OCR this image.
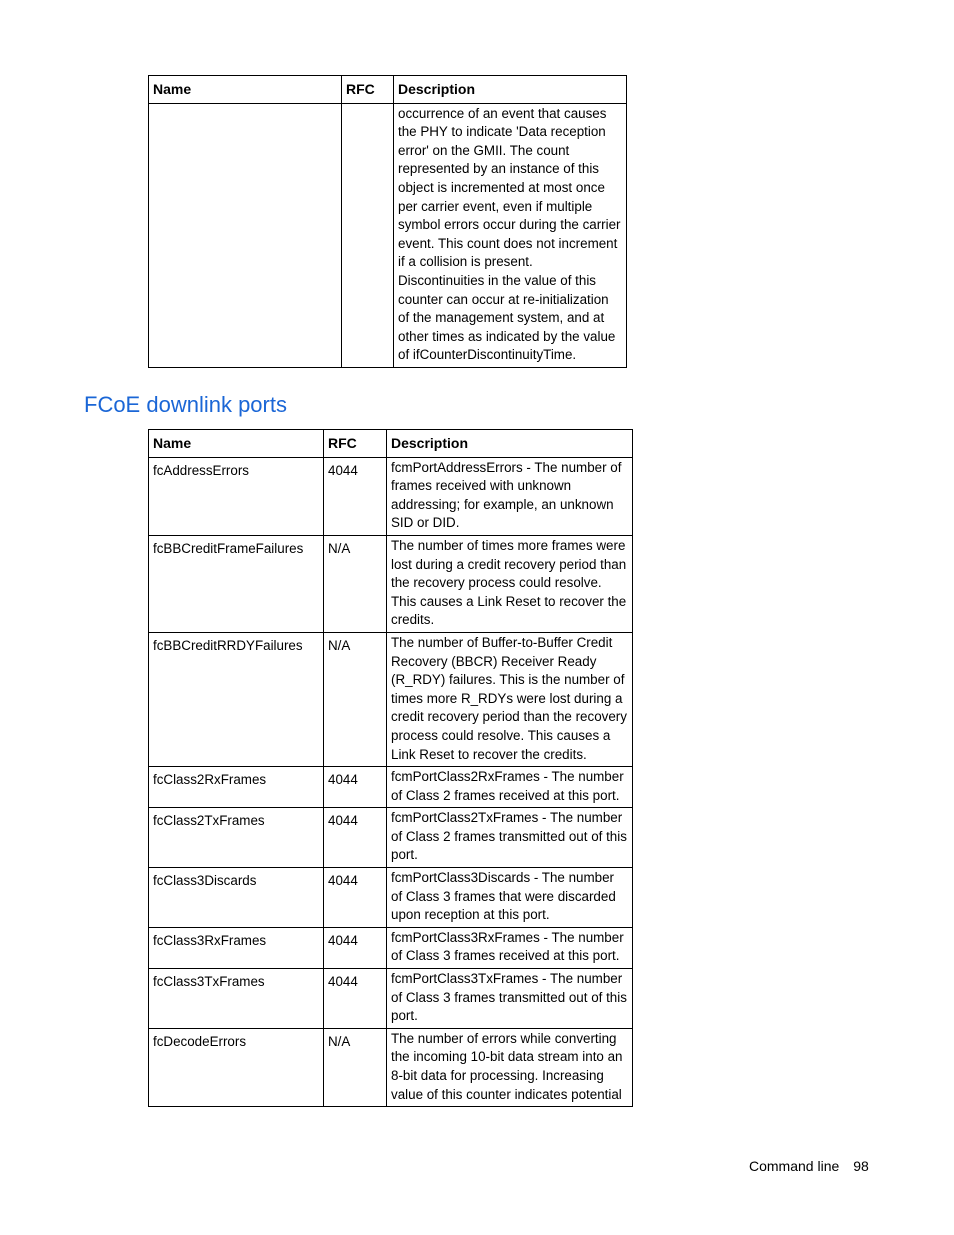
Name	RFC	Description
		occurrence of an event that causes the PHY to indicate 'Data reception error' on the GMII. The count represented by an instance of this object is incremented at most once per carrier event, even if multiple symbol errors occur during the carrier event. This count does not increment if a collision is present. Discontinuities in the value of this counter can occur at re-initialization of the management system, and at other times as indicated by the value of ifCounterDiscontinuityTime.
FCoE downlink ports
Name	RFC	Description
fcAddressErrors	4044	fcmPortAddressErrors - The number of frames received with unknown addressing; for example, an unknown SID or DID.
fcBBCreditFrameFailures	N/A	The number of times more frames were lost during a credit recovery period than the recovery process could resolve. This causes a Link Reset to recover the credits.
fcBBCreditRRDYFailures	N/A	The number of Buffer-to-Buffer Credit Recovery (BBCR) Receiver Ready (R_RDY) failures. This is the number of times more R_RDYs were lost during a credit recovery period than the recovery process could resolve. This causes a Link Reset to recover the credits.
fcClass2RxFrames	4044	fcmPortClass2RxFrames - The number of Class 2 frames received at this port.
fcClass2TxFrames	4044	fcmPortClass2TxFrames - The number of Class 2 frames transmitted out of this port.
fcClass3Discards	4044	fcmPortClass3Discards - The number of Class 3 frames that were discarded upon reception at this port.
fcClass3RxFrames	4044	fcmPortClass3RxFrames - The number of Class 3 frames received at this port.
fcClass3TxFrames	4044	fcmPortClass3TxFrames - The number of Class 3 frames transmitted out of this port.
fcDecodeErrors	N/A	The number of errors while converting the incoming 10-bit data stream into an 8-bit data for processing. Increasing value of this counter indicates potential
Command line 98
